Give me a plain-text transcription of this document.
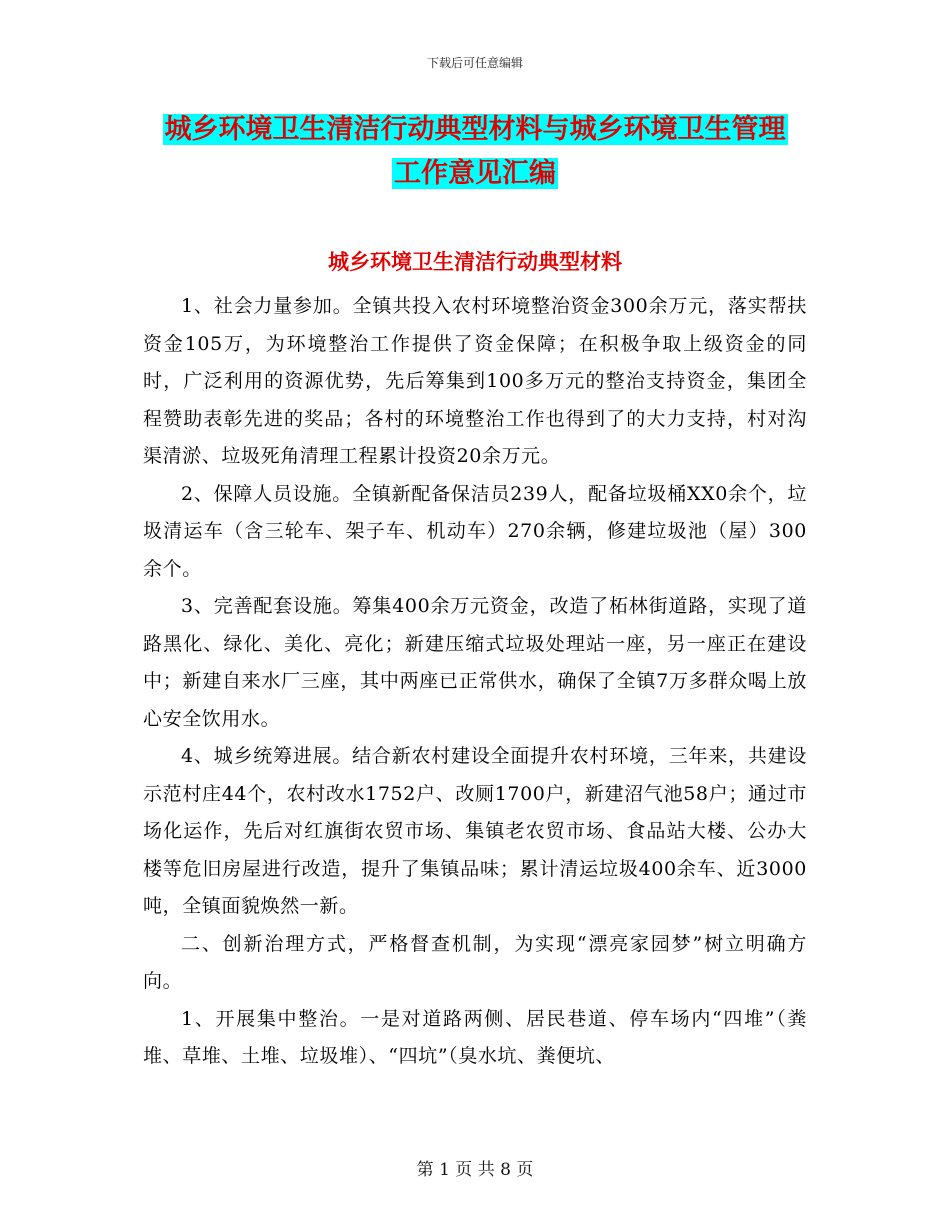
下载后可任意编辑
城乡环境卫生清洁行动典型材料与城乡环境卫生管理
工作意见汇编
城乡环境卫生清洁行动典型材料

1、社会力量参加。全镇共投入农村环境整治资金300余万元，落实帮扶资金105万，为环境整治工作提供了资金保障；在积极争取上级资金的同时，广泛利用的资源优势，先后筹集到100多万元的整治支持资金，集团全程赞助表彰先进的奖品；各村的环境整治工作也得到了的大力支持，村对沟渠清淤、垃圾死角清理工程累计投资20余万元。

2、保障人员设施。全镇新配备保洁员239人，配备垃圾桶XX0余个，垃圾清运车（含三轮车、架子车、机动车）270余辆，修建垃圾池（屋）300余个。

3、完善配套设施。筹集400余万元资金，改造了柘林街道路，实现了道路黑化、绿化、美化、亮化；新建压缩式垃圾处理站一座，另一座正在建设中；新建自来水厂三座，其中两座已正常供水，确保了全镇7万多群众喝上放心安全饮用水。

4、城乡统筹进展。结合新农村建设全面提升农村环境，三年来，共建设示范村庄44个，农村改水1752户、改厕1700户，新建沼气池58户；通过市场化运作，先后对红旗街农贸市场、集镇老农贸市场、食品站大楼、公办大楼等危旧房屋进行改造，提升了集镇品味；累计清运垃圾400余车、近3000吨，全镇面貌焕然一新。

二、创新治理方式，严格督查机制，为实现“漂亮家园梦”树立明确方向。

1、开展集中整治。一是对道路两侧、居民巷道、停车场内“四堆”（粪堆、草堆、土堆、垃圾堆）、“四坑”（臭水坑、粪便坑、

第 1 页 共 8 页
